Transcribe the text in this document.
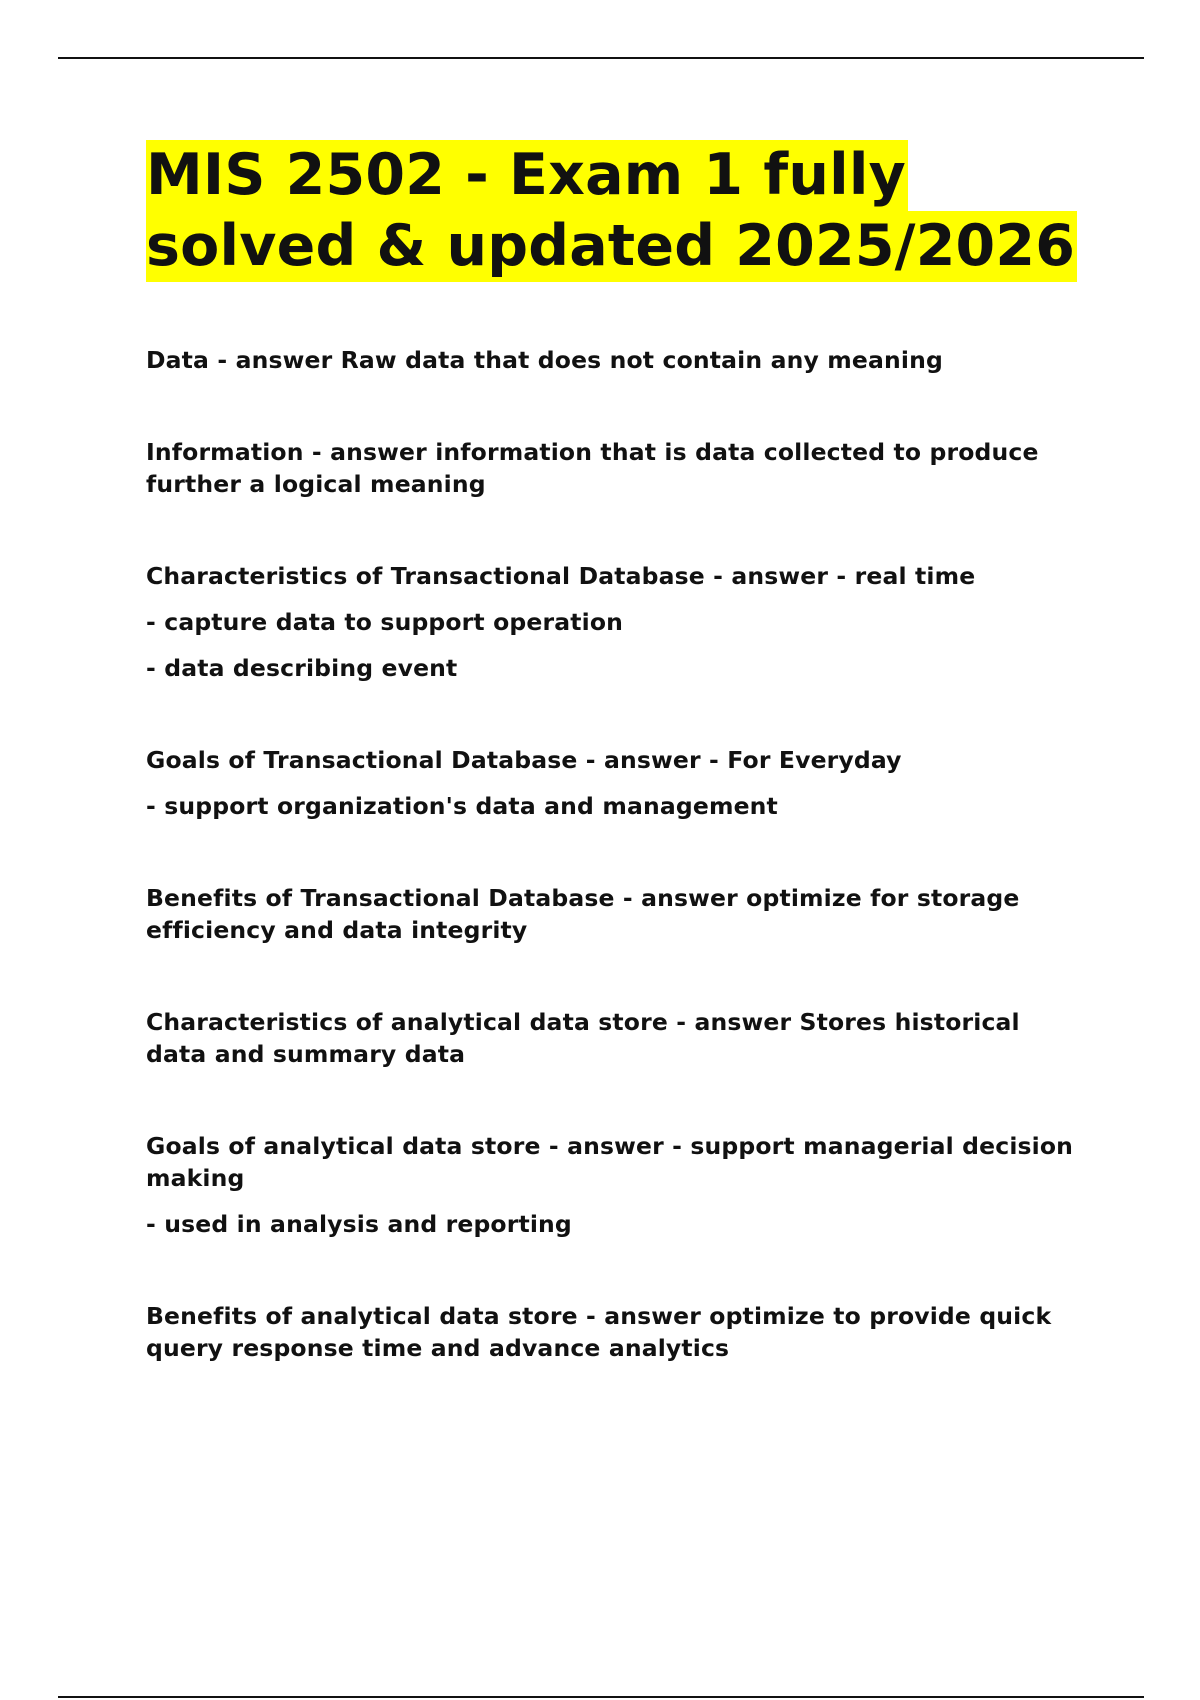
MIS 2502 - Exam 1 fully
solved & updated 2025/2026

Data - answer Raw data that does not contain any meaning

Information - answer information that is data collected to produce further a logical meaning

Characteristics of Transactional Database - answer - real time

- capture data to support operation

- data describing event

Goals of Transactional Database - answer - For Everyday

- support organization's data and management

Benefits of Transactional Database - answer optimize for storage efficiency and data integrity

Characteristics of analytical data store - answer Stores historical data and summary data

Goals of analytical data store - answer - support managerial decision making

- used in analysis and reporting

Benefits of analytical data store - answer optimize to provide quick query response time and advance analytics
